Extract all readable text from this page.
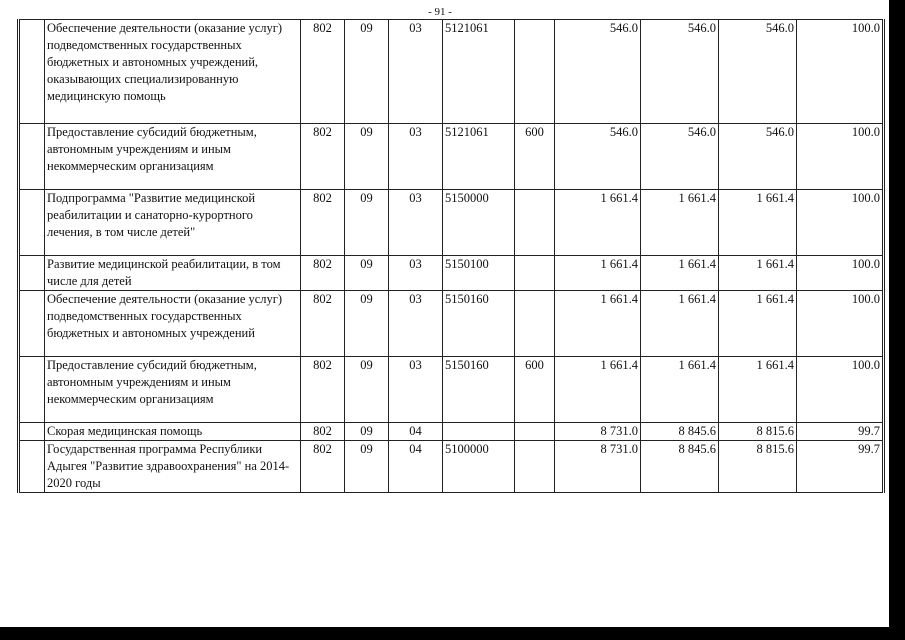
- 91 -
	Обеспечение деятельности (оказание услуг) подведомственных государственных бюджетных и автономных учреждений, оказывающих специализированную медицинскую помощь	802	09	03	5121061		546.0	546.0	546.0	100.0
	Предоставление субсидий бюджетным, автономным учреждениям и иным некоммерческим организациям	802	09	03	5121061	600	546.0	546.0	546.0	100.0
	Подпрограмма "Развитие медицинской реабилитации и санаторно-курортного лечения, в том числе детей"	802	09	03	5150000		1 661.4	1 661.4	1 661.4	100.0
	Развитие медицинской реабилитации, в том числе для детей	802	09	03	5150100		1 661.4	1 661.4	1 661.4	100.0
	Обеспечение деятельности (оказание услуг) подведомственных государственных бюджетных и автономных учреждений	802	09	03	5150160		1 661.4	1 661.4	1 661.4	100.0
	Предоставление субсидий бюджетным, автономным учреждениям и иным некоммерческим организациям	802	09	03	5150160	600	1 661.4	1 661.4	1 661.4	100.0
	Скорая медицинская помощь	802	09	04			8 731.0	8 845.6	8 815.6	99.7
	Государственная программа Республики Адыгея "Развитие здравоохранения" на 2014-2020 годы	802	09	04	5100000		8 731.0	8 845.6	8 815.6	99.7
